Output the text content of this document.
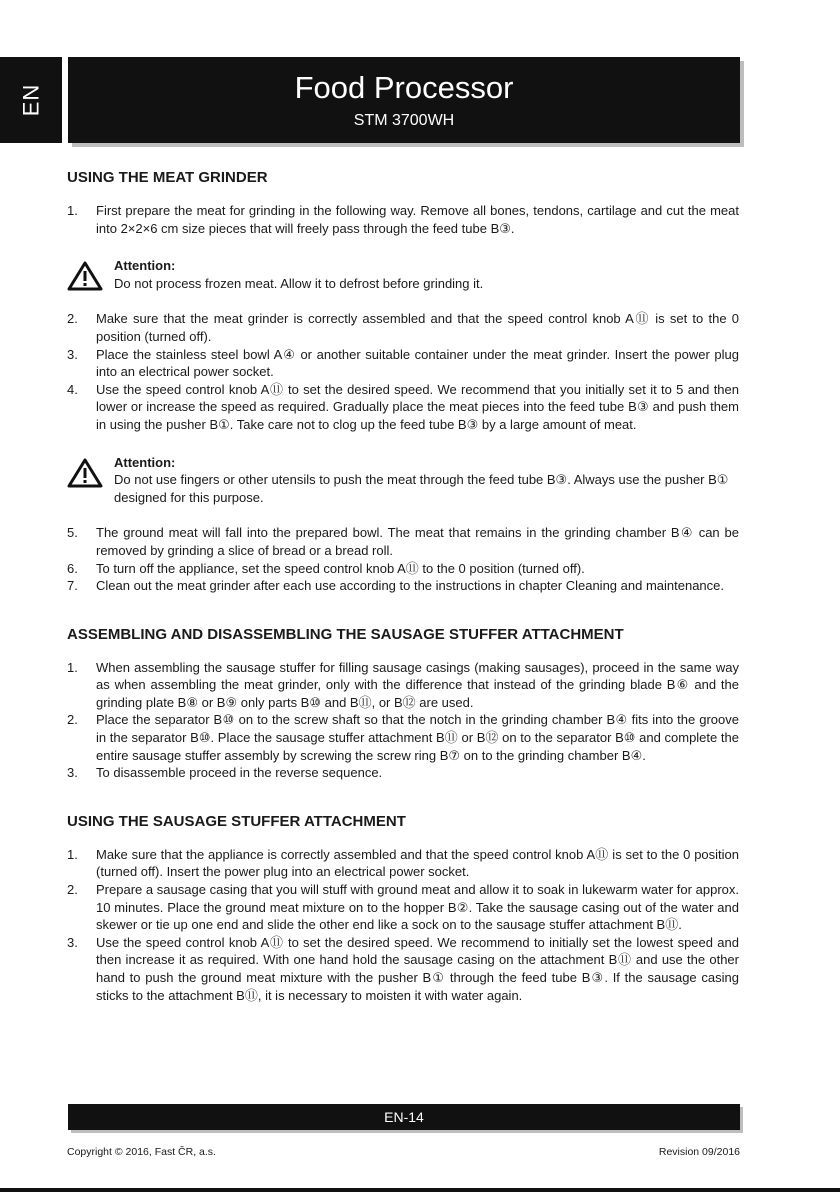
EN	Food Processor
STM 3700WH
USING THE MEAT GRINDER
1. First prepare the meat for grinding in the following way. Remove all bones, tendons, cartilage and cut the meat into 2×2×6 cm size pieces that will freely pass through the feed tube B③.
Attention:
Do not process frozen meat. Allow it to defrost before grinding it.
2. Make sure that the meat grinder is correctly assembled and that the speed control knob A⑪ is set to the 0 position (turned off).
3. Place the stainless steel bowl A④ or another suitable container under the meat grinder. Insert the power plug into an electrical power socket.
4. Use the speed control knob A⑪ to set the desired speed. We recommend that you initially set it to 5 and then lower or increase the speed as required. Gradually place the meat pieces into the feed tube B③ and push them in using the pusher B①. Take care not to clog up the feed tube B③ by a large amount of meat.
Attention:
Do not use fingers or other utensils to push the meat through the feed tube B③. Always use the pusher B① designed for this purpose.
5. The ground meat will fall into the prepared bowl. The meat that remains in the grinding chamber B④ can be removed by grinding a slice of bread or a bread roll.
6. To turn off the appliance, set the speed control knob A⑪ to the 0 position (turned off).
7. Clean out the meat grinder after each use according to the instructions in chapter Cleaning and maintenance.
ASSEMBLING AND DISASSEMBLING THE SAUSAGE STUFFER ATTACHMENT
1. When assembling the sausage stuffer for filling sausage casings (making sausages), proceed in the same way as when assembling the meat grinder, only with the difference that instead of the grinding blade B⑥ and the grinding plate B⑧ or B⑨ only parts B⑩ and B⑪, or B⑫ are used.
2. Place the separator B⑩ on to the screw shaft so that the notch in the grinding chamber B④ fits into the groove in the separator B⑩. Place the sausage stuffer attachment B⑪ or B⑫ on to the separator B⑩ and complete the entire sausage stuffer assembly by screwing the screw ring B⑦ on to the grinding chamber B④.
3. To disassemble proceed in the reverse sequence.
USING THE SAUSAGE STUFFER ATTACHMENT
1. Make sure that the appliance is correctly assembled and that the speed control knob A⑪ is set to the 0 position (turned off). Insert the power plug into an electrical power socket.
2. Prepare a sausage casing that you will stuff with ground meat and allow it to soak in lukewarm water for approx. 10 minutes. Place the ground meat mixture on to the hopper B②. Take the sausage casing out of the water and skewer or tie up one end and slide the other end like a sock on to the sausage stuffer attachment B⑪.
3. Use the speed control knob A⑪ to set the desired speed. We recommend to initially set the lowest speed and then increase it as required. With one hand hold the sausage casing on the attachment B⑪ and use the other hand to push the ground meat mixture with the pusher B① through the feed tube B③. If the sausage casing sticks to the attachment B⑪, it is necessary to moisten it with water again.
EN-14
Copyright © 2016, Fast ČR, a.s.	Revision 09/2016
